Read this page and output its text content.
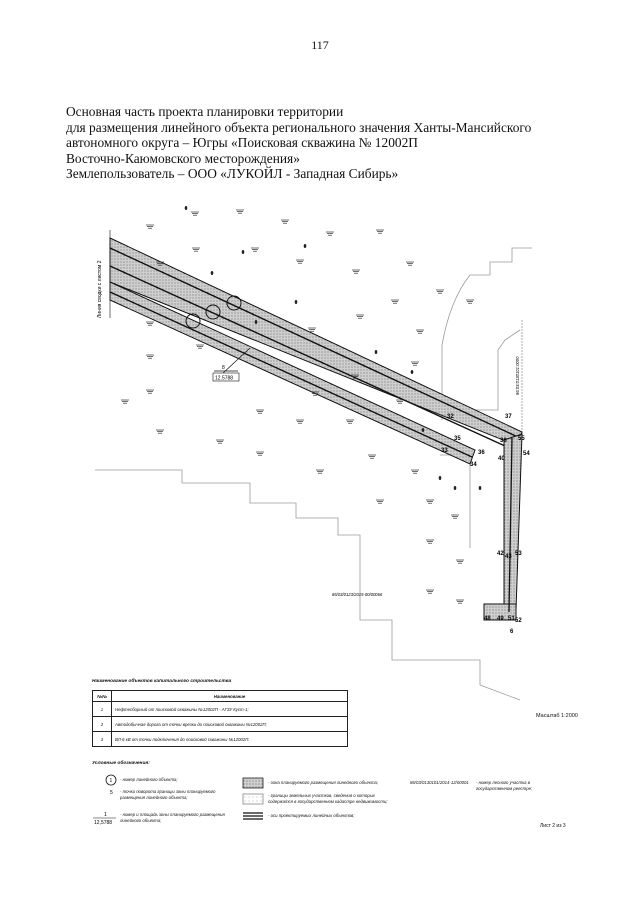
117
Основная часть проекта планировки территории
для размещения линейного объекта регионального значения Ханты-Мансийского
автономного округа – Югры «Поисковая скважина № 12002П
Восточно-Каюмовского месторождения»
Землепользователь – ООО «ЛУКОЙЛ - Западная Сибирь»
Линия сводки с листом 2
8
12.5788	86:03:0130101:0000
86/03/0123/2015-00/00066
32
33
34
35
36
37
38
40
42 43
48 49 51 52
53
54
55
6
1
5
1
12,5788
Наименование объектов капитального строительства
№№	Наименование
1	Нефтесборный от поисковой скважины №12002П - АГЗУ Куст-1;
2	Автодобычная дорога от точки врезки до поисковой скважины №12002П;
3	ВЛ-6 кВ от точки подключения до поисковой скважины №12002П.
Масштаб 1:2000
Условные обозначения:
- номер линейного объекта;
- точка поворота границы зоны планируемого размещения линейного объекта;
- номер и площадь зоны планируемого размещения линейного объекта;
- зона планируемого размещения линейного объекта;
- границы земельных участков, сведения о которых содержатся в государственном кадастре недвижимости;
- оси проектируемых линейных объектов;
86/03/0130101/2014-12/00001	- номер лесного участка в государственном реестре;
Лист 2 из 3
